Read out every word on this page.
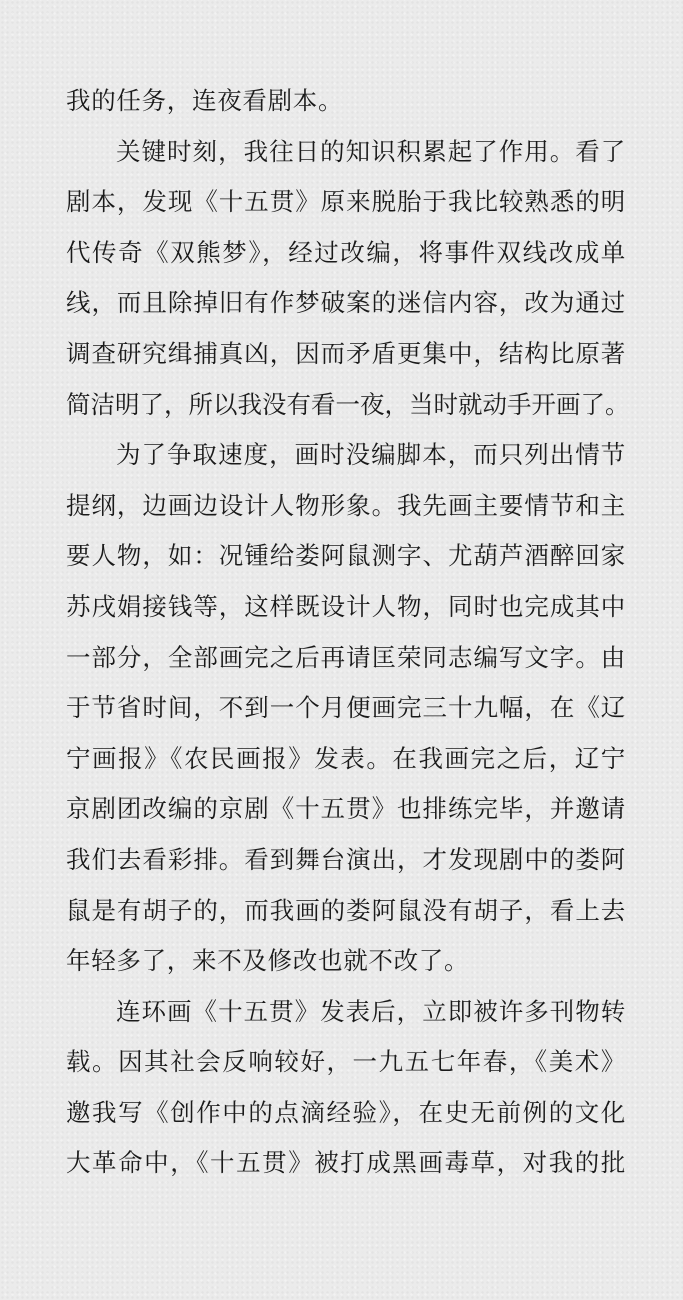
我的任务，连夜看剧本。
关键时刻，我往日的知识积累起了作用。看了
剧本，发现《十五贯》原来脱胎于我比较熟悉的明
代传奇《双熊梦》，经过改编，将事件双线改成单
线，而且除掉旧有作梦破案的迷信内容，改为通过
调查研究缉捕真凶，因而矛盾更集中，结构比原著
简洁明了，所以我没有看一夜，当时就动手开画了。
为了争取速度，画时没编脚本，而只列出情节
提纲，边画边设计人物形象。我先画主要情节和主
要人物，如：况锺给娄阿鼠测字、尤葫芦酒醉回家
苏戌娟接钱等，这样既设计人物，同时也完成其中
一部分，全部画完之后再请匡荣同志编写文字。由
于节省时间，不到一个月便画完三十九幅，在《辽
宁画报》《农民画报》发表。在我画完之后，辽宁
京剧团改编的京剧《十五贯》也排练完毕，并邀请
我们去看彩排。看到舞台演出，才发现剧中的娄阿
鼠是有胡子的，而我画的娄阿鼠没有胡子，看上去
年轻多了，来不及修改也就不改了。
连环画《十五贯》发表后，立即被许多刊物转
载。因其社会反响较好，一九五七年春，《美术》
邀我写《创作中的点滴经验》，在史无前例的文化
大革命中，《十五贯》被打成黑画毒草，对我的批
